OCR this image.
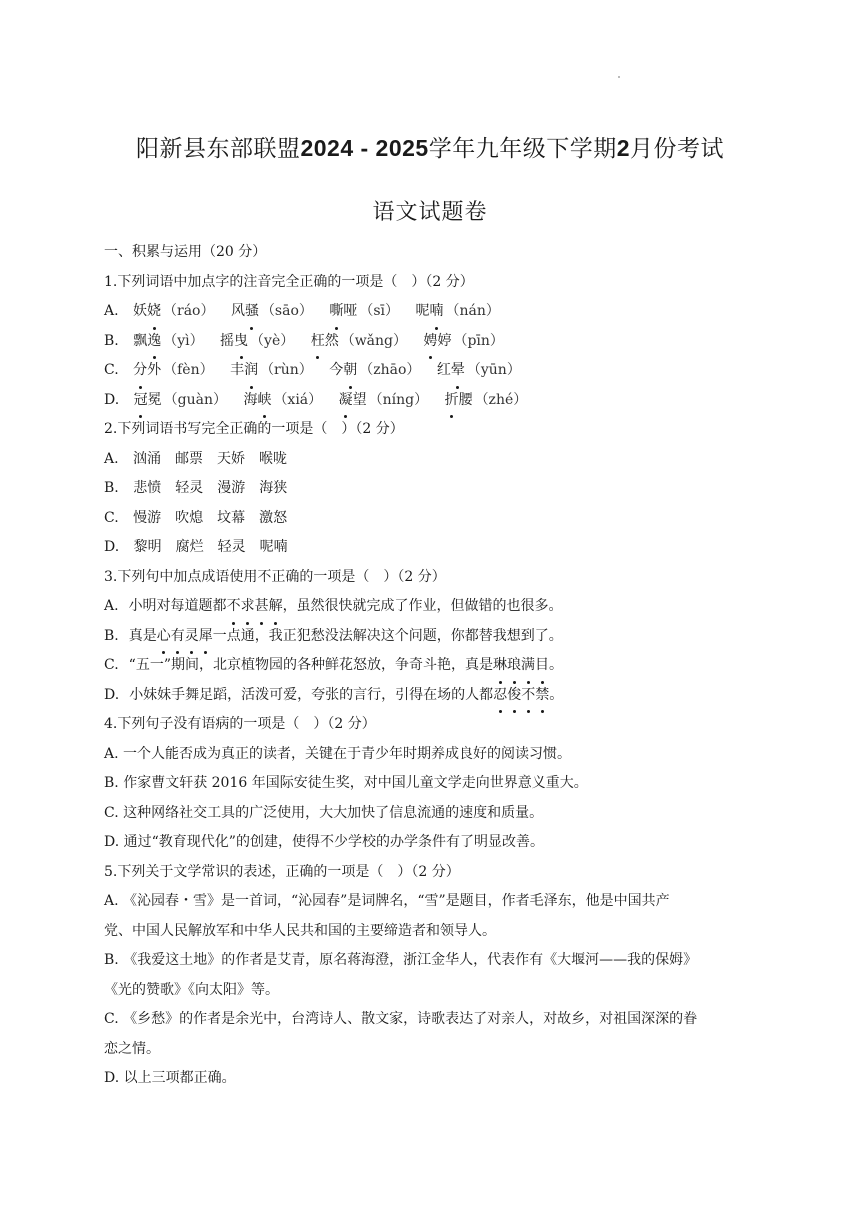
阳新县东部联盟2024 - 2025学年九年级下学期2月份考试
语文试题卷
一、积累与运用（20 分）
1.下列词语中加点字的注音完全正确的一项是（　）（2 分）
A. 妖娆 （ráo） 风骚 （sāo） 嘶哑 （sī） 呢喃 （nán）
B. 飘逸 （yì） 摇曳 （yè） 枉然 （wǎng） 娉婷 （pīn）
C. 分外 （fèn） 丰润 （rùn） 今朝 （zhāo） 红晕 （yūn）
D. 冠冕 （guàn） 海峡 （xiá） 凝望 （níng） 折腰 （zhé）
2.下列词语书写完全正确的一项是（　）（2 分）
A. 汹涌 邮票 天娇 喉咙
B. 悲愤 轻灵 漫游 海狭
C. 慢游 吹熄 坟幕 激怒
D. 黎明 腐烂 轻灵 呢喃
3.下列句中加点成语使用不正确的一项是（　）（2 分）
A. 小明对每道题都不求甚解，虽然很快就完成了作业，但做错的也很多。
B. 真是心有灵犀一点通，我正犯愁没法解决这个问题，你都替我想到了。
C. “五一”期间，北京植物园的各种鲜花怒放，争奇斗艳，真是琳琅满目。
D. 小妹妹手舞足蹈，活泼可爱，夸张的言行，引得在场的人都忍俊不禁。
4.下列句子没有语病的一项是（　）（2 分）
A. 一个人能否成为真正的读者，关键在于青少年时期养成良好的阅读习惯。
B. 作家曹文轩获 2016 年国际安徒生奖，对中国儿童文学走向世界意义重大。
C. 这种网络社交工具的广泛使用，大大加快了信息流通的速度和质量。
D. 通过“教育现代化”的创建，使得不少学校的办学条件有了明显改善。
5.下列关于文学常识的表述，正确的一项是（　）（2 分）
A. 《沁园春・雪》是一首词，“沁园春”是词牌名，“雪”是题目，作者毛泽东，他是中国共产
党、中国人民解放军和中华人民共和国的主要缔造者和领导人。
B. 《我爱这土地》的作者是艾青，原名蒋海澄，浙江金华人，代表作有《大堰河——我的保姆》
《光的赞歌》《向太阳》等。
C. 《乡愁》的作者是余光中，台湾诗人、散文家，诗歌表达了对亲人，对故乡，对祖国深深的眷
恋之情。
D. 以上三项都正确。
